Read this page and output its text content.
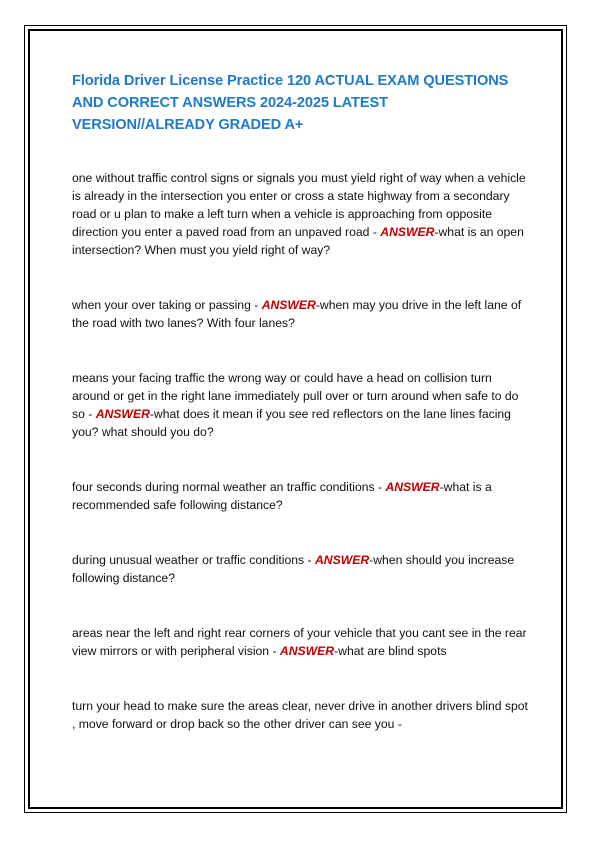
Florida Driver License Practice 120 ACTUAL EXAM QUESTIONS AND CORRECT ANSWERS 2024-2025 LATEST VERSION//ALREADY GRADED A+

one without traffic control signs or signals you must yield right of way when a vehicle is already in the intersection you enter or cross a state highway from a secondary road or u plan to make a left turn when a vehicle is approaching from opposite direction you enter a paved road from an unpaved road - ANSWER-what is an open intersection? When must you yield right of way?

when your over taking or passing - ANSWER-when may you drive in the left lane of the road with two lanes? With four lanes?

means your facing traffic the wrong way or could have a head on collision turn around or get in the right lane immediately pull over or turn around when safe to do so - ANSWER-what does it mean if you see red reflectors on the lane lines facing you? what should you do?

four seconds during normal weather an traffic conditions - ANSWER-what is a recommended safe following distance?

during unusual weather or traffic conditions - ANSWER-when should you increase following distance?

areas near the left and right rear corners of your vehicle that you cant see in the rear view mirrors or with peripheral vision - ANSWER-what are blind spots

turn your head to make sure the areas clear, never drive in another drivers blind spot , move forward or drop back so the other driver can see you -
